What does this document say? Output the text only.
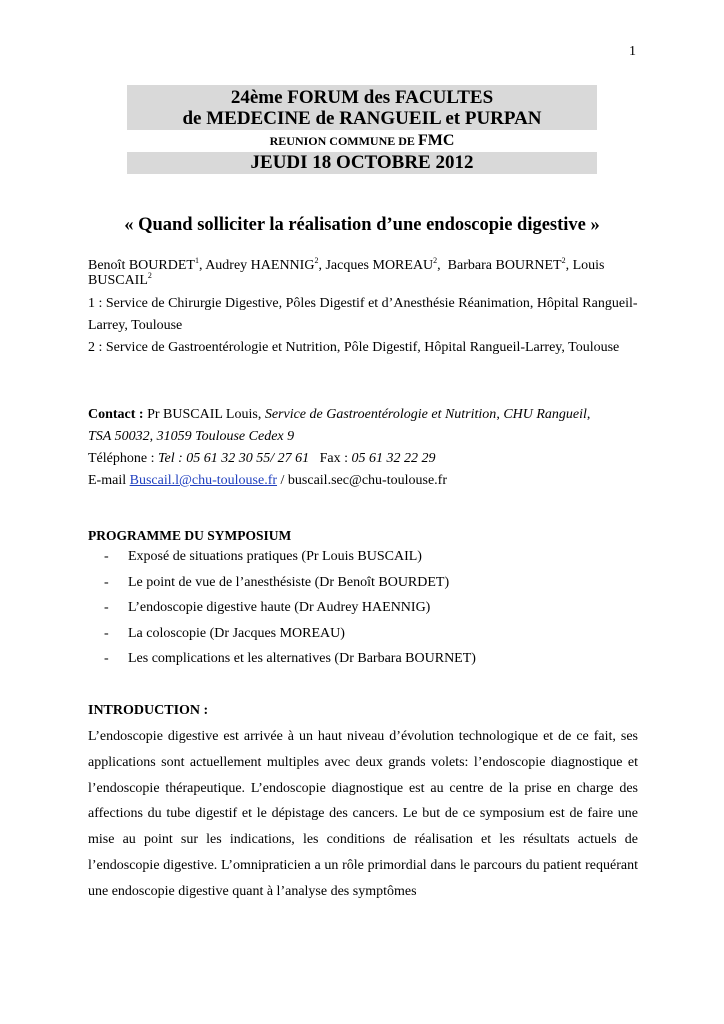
1
24ème FORUM des FACULTES
de MEDECINE de RANGUEIL et PURPAN
REUNION COMMUNE DE FMC
JEUDI 18 OCTOBRE 2012
« Quand solliciter la réalisation d’une endoscopie digestive »
Benoît BOURDET$^1$, Audrey HAENNIG$^2$, Jacques MOREAU$^2$,  Barbara BOURNET$^2$, Louis BUSCAIL$^2$
1 : Service de Chirurgie Digestive, Pôles Digestif et d’Anesthésie Réanimation, Hôpital Rangueil-Larrey, Toulouse
2 : Service de Gastroentérologie et Nutrition, Pôle Digestif, Hôpital Rangueil-Larrey, Toulouse
Contact : Pr BUSCAIL Louis, Service de Gastroentérologie et Nutrition, CHU Rangueil,
TSA 50032, 31059 Toulouse Cedex 9
Téléphone : Tel : 05 61 32 30 55/ 27 61 Fax : 05 61 32 22 29
E-mail Buscail.l@chu-toulouse.fr / buscail.sec@chu-toulouse.fr
PROGRAMME DU SYMPOSIUM
- Exposé de situations pratiques (Pr Louis BUSCAIL)
- Le point de vue de l’anesthésiste (Dr Benoît BOURDET)
- L’endoscopie digestive haute (Dr Audrey HAENNIG)
- La coloscopie (Dr Jacques MOREAU)
- Les complications et les alternatives (Dr Barbara BOURNET)
INTRODUCTION :
L’endoscopie digestive est arrivée à un haut niveau d’évolution technologique et de ce fait, ses applications sont actuellement multiples avec deux grands volets: l’endoscopie diagnostique et l’endoscopie thérapeutique. L’endoscopie diagnostique est au centre de la prise en charge des affections du tube digestif et le dépistage des cancers. Le but de ce symposium est de faire une mise au point sur les indications, les conditions de réalisation et les résultats actuels de l’endoscopie digestive. L’omnipraticien a un rôle primordial dans le parcours du patient requérant une endoscopie digestive quant à l’analyse des symptômes
